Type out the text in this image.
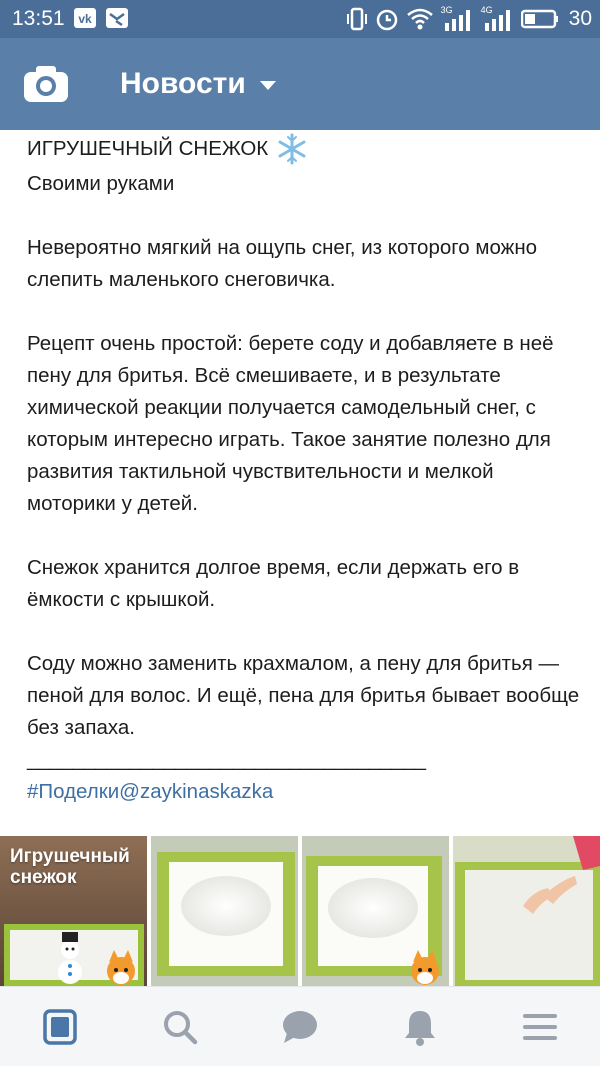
13:51 vk
3G	4G	30
Новости
ИГРУШЕЧНЫЙ СНЕЖОК

Своими руками

Невероятно мягкий на ощупь снег, из которого можно слепить маленького снеговичка.

Рецепт очень простой: берете соду и добавляете в неё пену для бритья. Всё смешиваете, и в результате химической реакции получается самодельный снег, с которым интересно играть. Такое занятие полезно для развития тактильной чувствительности и мелкой моторики у детей.

Снежок хранится долгое время, если держать его в ёмкости с крышкой.

Соду можно заменить крахмалом, а пену для бритья — пеной для волос. И ещё, пена для бритья бывает вообще без запаха.

___________________________________

#Поделки@zaykinaskazka

Игрушечный
снежок
